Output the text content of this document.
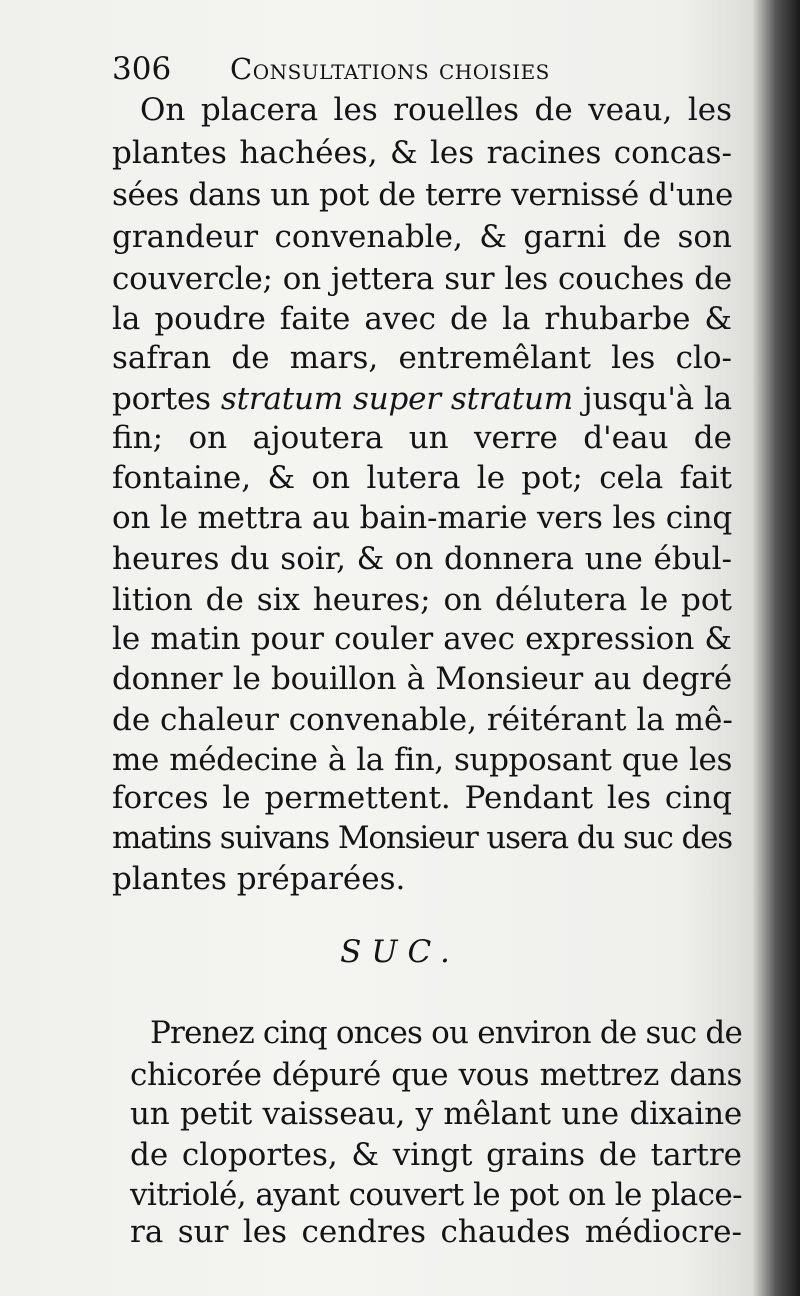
306 Consultations choisies
On placera les rouelles de veau, les
plantes hachées, & les racines concas-
sées dans un pot de terre vernissé d'une
grandeur convenable, & garni de son
couvercle; on jettera sur les couches de
la poudre faite avec de la rhubarbe &
safran de mars, entremêlant les clo-
portes stratum super stratum jusqu'à la
fin; on ajoutera un verre d'eau de
fontaine, & on lutera le pot; cela fait
on le mettra au bain-marie vers les cinq
heures du soir, & on donnera une ébul-
lition de six heures; on délutera le pot
le matin pour couler avec expression &
donner le bouillon à Monsieur au degré
de chaleur convenable, réitérant la mê-
me médecine à la fin, supposant que les
forces le permettent. Pendant les cinq
matins suivans Monsieur usera du suc des
plantes préparées.
SUC.
Prenez cinq onces ou environ de suc de
chicorée dépuré que vous mettrez dans
un petit vaisseau, y mêlant une dixaine
de cloportes, & vingt grains de tartre
vitriolé, ayant couvert le pot on le place-
ra sur les cendres chaudes médiocre-
